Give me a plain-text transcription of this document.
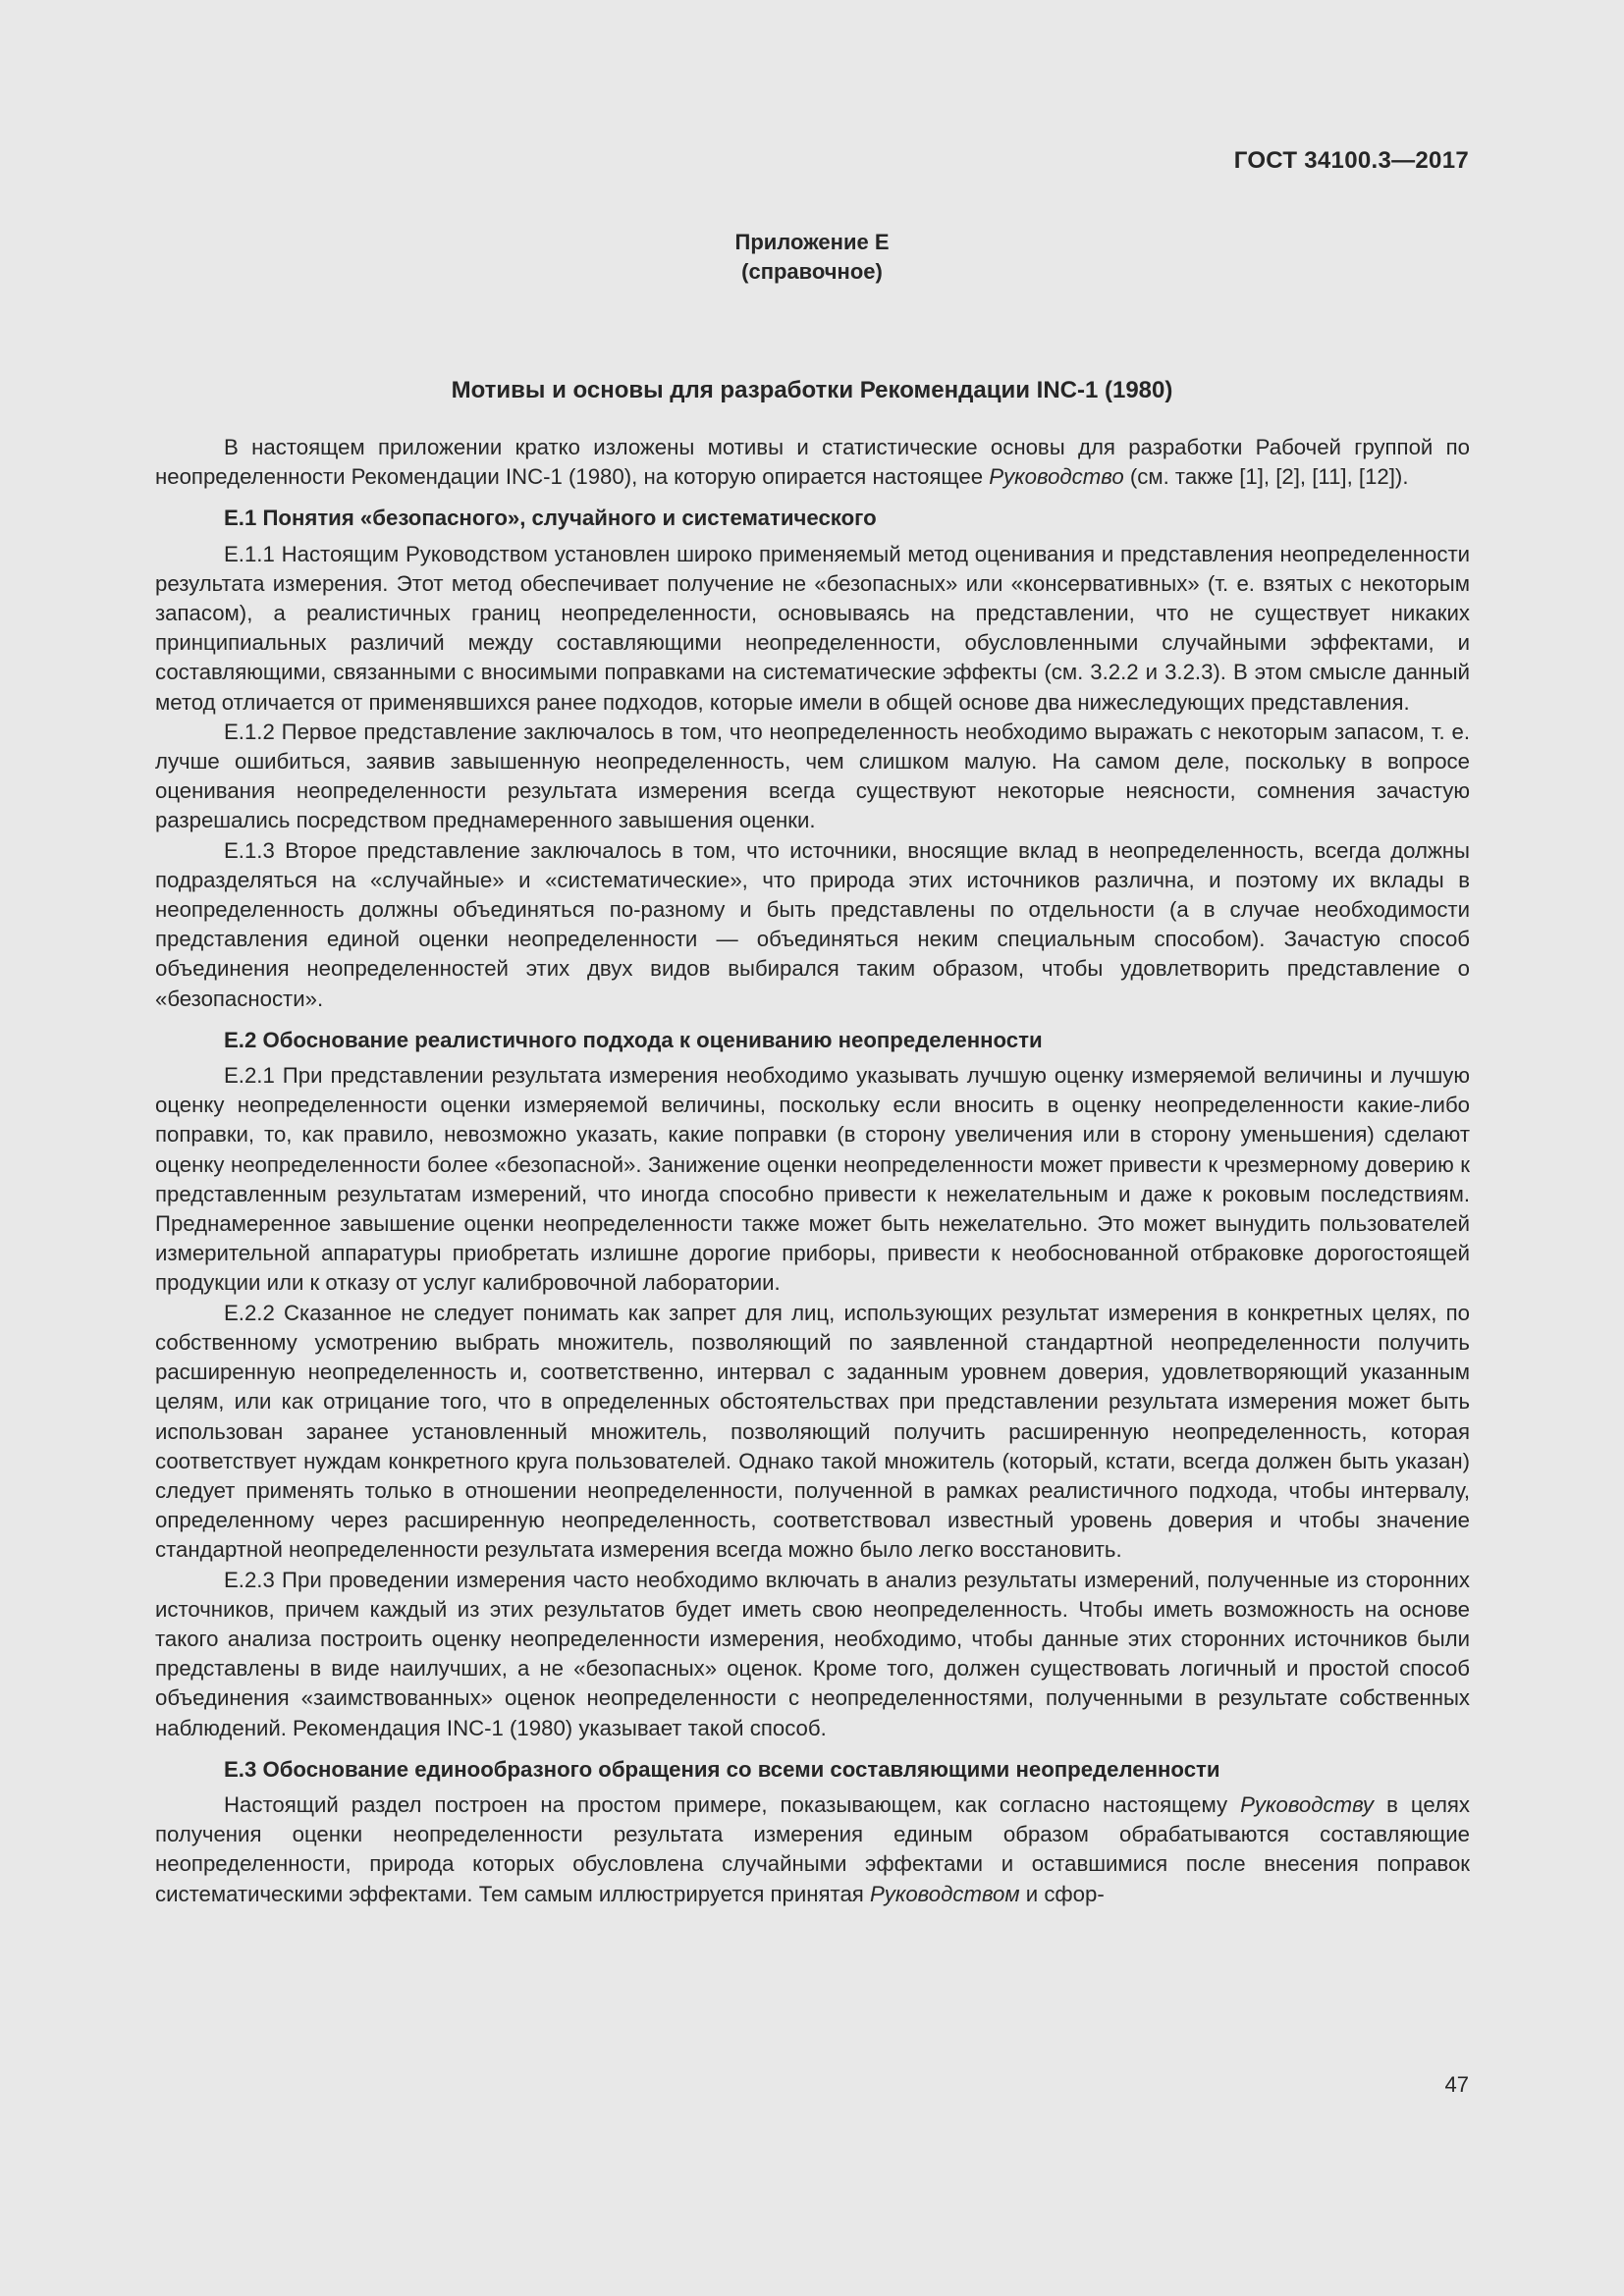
ГОСТ 34100.3—2017
Приложение Е
(справочное)
Мотивы и основы для разработки Рекомендации INC-1 (1980)

В настоящем приложении кратко изложены мотивы и статистические основы для разработки Рабочей группой по неопределенности Рекомендации INC-1 (1980), на которую опирается настоящее Руководство (см. также [1], [2], [11], [12]).

Е.1 Понятия «безопасного», случайного и систематического

Е.1.1 Настоящим Руководством установлен широко применяемый метод оценивания и представления неопределенности результата измерения. Этот метод обеспечивает получение не «безопасных» или «консервативных» (т. е. взятых с некоторым запасом), а реалистичных границ неопределенности, основываясь на представлении, что не существует никаких принципиальных различий между составляющими неопределенности, обусловленными случайными эффектами, и составляющими, связанными с вносимыми поправками на систематические эффекты (см. 3.2.2 и 3.2.3). В этом смысле данный метод отличается от применявшихся ранее подходов, которые имели в общей основе два нижеследующих представления.

Е.1.2 Первое представление заключалось в том, что неопределенность необходимо выражать с некоторым запасом, т. е. лучше ошибиться, заявив завышенную неопределенность, чем слишком малую. На самом деле, поскольку в вопросе оценивания неопределенности результата измерения всегда существуют некоторые неясности, сомнения зачастую разрешались посредством преднамеренного завышения оценки.

Е.1.3 Второе представление заключалось в том, что источники, вносящие вклад в неопределенность, всегда должны подразделяться на «случайные» и «систематические», что природа этих источников различна, и поэтому их вклады в неопределенность должны объединяться по-разному и быть представлены по отдельности (а в случае необходимости представления единой оценки неопределенности — объединяться неким специальным способом). Зачастую способ объединения неопределенностей этих двух видов выбирался таким образом, чтобы удовлетворить представление о «безопасности».

Е.2 Обоснование реалистичного подхода к оцениванию неопределенности

Е.2.1 При представлении результата измерения необходимо указывать лучшую оценку измеряемой величины и лучшую оценку неопределенности оценки измеряемой величины, поскольку если вносить в оценку неопределенности какие-либо поправки, то, как правило, невозможно указать, какие поправки (в сторону увеличения или в сторону уменьшения) сделают оценку неопределенности более «безопасной». Занижение оценки неопределенности может привести к чрезмерному доверию к представленным результатам измерений, что иногда способно привести к нежелательным и даже к роковым последствиям. Преднамеренное завышение оценки неопределенности также может быть нежелательно. Это может вынудить пользователей измерительной аппаратуры приобретать излишне дорогие приборы, привести к необоснованной отбраковке дорогостоящей продукции или к отказу от услуг калибровочной лаборатории.

Е.2.2 Сказанное не следует понимать как запрет для лиц, использующих результат измерения в конкретных целях, по собственному усмотрению выбрать множитель, позволяющий по заявленной стандартной неопределенности получить расширенную неопределенность и, соответственно, интервал с заданным уровнем доверия, удовлетворяющий указанным целям, или как отрицание того, что в определенных обстоятельствах при представлении результата измерения может быть использован заранее установленный множитель, позволяющий получить расширенную неопределенность, которая соответствует нуждам конкретного круга пользователей. Однако такой множитель (который, кстати, всегда должен быть указан) следует применять только в отношении неопределенности, полученной в рамках реалистичного подхода, чтобы интервалу, определенному через расширенную неопределенность, соответствовал известный уровень доверия и чтобы значение стандартной неопределенности результата измерения всегда можно было легко восстановить.

Е.2.3 При проведении измерения часто необходимо включать в анализ результаты измерений, полученные из сторонних источников, причем каждый из этих результатов будет иметь свою неопределенность. Чтобы иметь возможность на основе такого анализа построить оценку неопределенности измерения, необходимо, чтобы данные этих сторонних источников были представлены в виде наилучших, а не «безопасных» оценок. Кроме того, должен существовать логичный и простой способ объединения «заимствованных» оценок неопределенности с неопределенностями, полученными в результате собственных наблюдений. Рекомендация INC-1 (1980) указывает такой способ.

Е.3 Обоснование единообразного обращения со всеми составляющими неопределенности

Настоящий раздел построен на простом примере, показывающем, как согласно настоящему Руководству в целях получения оценки неопределенности результата измерения единым образом обрабатываются составляющие неопределенности, природа которых обусловлена случайными эффектами и оставшимися после внесения поправок систематическими эффектами. Тем самым иллюстрируется принятая Руководством и сфор-

47
